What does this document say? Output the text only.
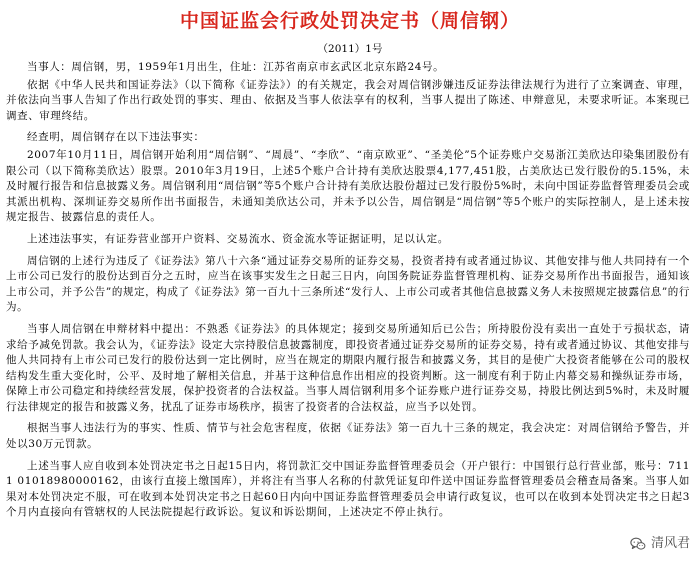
中国证监会行政处罚决定书（周信钢）
（2011）1号

当事人：周信钢，男，1959年1月出生，住址：江苏省南京市玄武区北京东路24号。

依据《中华人民共和国证券法》（以下简称《证券法》）的有关规定，我会对周信钢涉嫌违反证券法律法规行为进行了立案调查、审理，并依法向当事人告知了作出行政处罚的事实、理由、依据及当事人依法享有的权利，当事人提出了陈述、申辩意见，未要求听证。本案现已调查、审理终结。

经查明，周信钢存在以下违法事实：

2007年10月11日，周信钢开始利用“周信钢”、“周晨”、“李欣”、“南京欧亚”、“圣美伦”5个证券账户交易浙江美欣达印染集团股份有限公司（以下简称美欣达）股票。2010年3月19日，上述5个账户合计持有美欣达股票4,177,451股，占美欣达已发行股份的5.15%，未及时履行报告和信息披露义务。周信钢利用“周信钢”等5个账户合计持有美欣达股份超过已发行股份5%时，未向中国证券监督管理委员会或其派出机构、深圳证券交易所作出书面报告，未通知美欣达公司，并未予以公告，周信钢是“周信钢”等5个账户的实际控制人，是上述未按规定报告、披露信息的责任人。

上述违法事实，有证券营业部开户资料、交易流水、资金流水等证据证明，足以认定。

周信钢的上述行为违反了《证券法》第八十六条“通过证券交易所的证券交易，投资者持有或者通过协议、其他安排与他人共同持有一个上市公司已发行的股份达到百分之五时，应当在该事实发生之日起三日内，向国务院证券监督管理机构、证券交易所作出书面报告，通知该上市公司，并予公告”的规定，构成了《证券法》第一百九十三条所述“发行人、上市公司或者其他信息披露义务人未按照规定披露信息”的行为。

当事人周信钢在申辩材料中提出：不熟悉《证券法》的具体规定；接到交易所通知后已公告；所持股份没有卖出一直处于亏损状态，请求给予减免罚款。我会认为，《证券法》设定大宗持股信息披露制度，即投资者通过证券交易所的证券交易，持有或者通过协议、其他安排与他人共同持有上市公司已发行的股份达到一定比例时，应当在规定的期限内履行报告和披露义务，其目的是使广大投资者能够在公司的股权结构发生重大变化时，公平、及时地了解相关信息，并基于这种信息作出相应的投资判断。这一制度有利于防止内幕交易和操纵证券市场，保障上市公司稳定和持续经营发展，保护投资者的合法权益。当事人周信钢利用多个证券账户进行证券交易，持股比例达到5%时，未及时履行法律规定的报告和披露义务，扰乱了证券市场秩序，损害了投资者的合法权益，应当予以处罚。

根据当事人违法行为的事实、性质、情节与社会危害程度，依据《证券法》第一百九十三条的规定，我会决定：对周信钢给予警告，并处以30万元罚款。

上述当事人应自收到本处罚决定书之日起15日内，将罚款汇交中国证券监督管理委员会（开户银行：中国银行总行营业部，账号：7111 01018980000162，由该行直接上缴国库），并将注有当事人名称的付款凭证复印件送中国证券监督管理委员会稽查局备案。当事人如果对本处罚决定不服，可在收到本处罚决定书之日起60日内向中国证券监督管理委员会申请行政复议，也可以在收到本处罚决定书之日起3个月内直接向有管辖权的人民法院提起行政诉讼。复议和诉讼期间，上述决定不停止执行。

清风君
